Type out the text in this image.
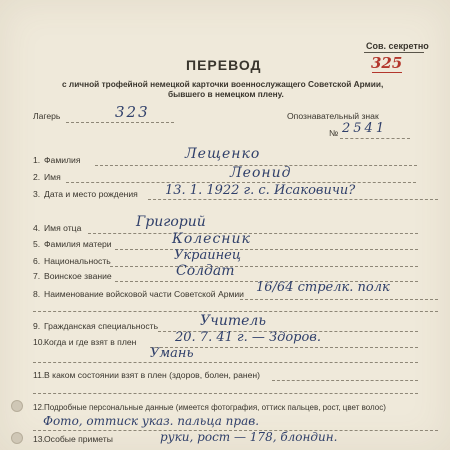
Сов. секретно
325
ПЕРЕВОД
с личной трофейной немецкой карточки военнослужащего Советской Армии,
бывшего в немецком плену.
Лагерь	323	Опознавательный знак
№ 2541
1. Фамилия	Лещенко
2. Имя	Леонид
3. Дата и место рождения 13. 1. 1922 г. с. Исаковичи?
4. Имя отца	Григорий
5. Фамилия матери	Колесник
6. Национальность	Украинец
7. Воинское звание	Солдат
8. Наименование войсковой части Советской Армии 16/64 стрелк. полк
9. Гражданская специальность	Учитель
10. Когда и где взят в плен	20. 7. 41 г. — Здоров.
Умань
11. В каком состоянии взят в плен (здоров, болен, ранен)
12. Подробные персональные данные (имеется фотография, оттиск пальцев, рост, цвет волос)
Фото, оттиск указ. пальца прав.
13. Особые приметы	руки, рост — 178, блондин.
